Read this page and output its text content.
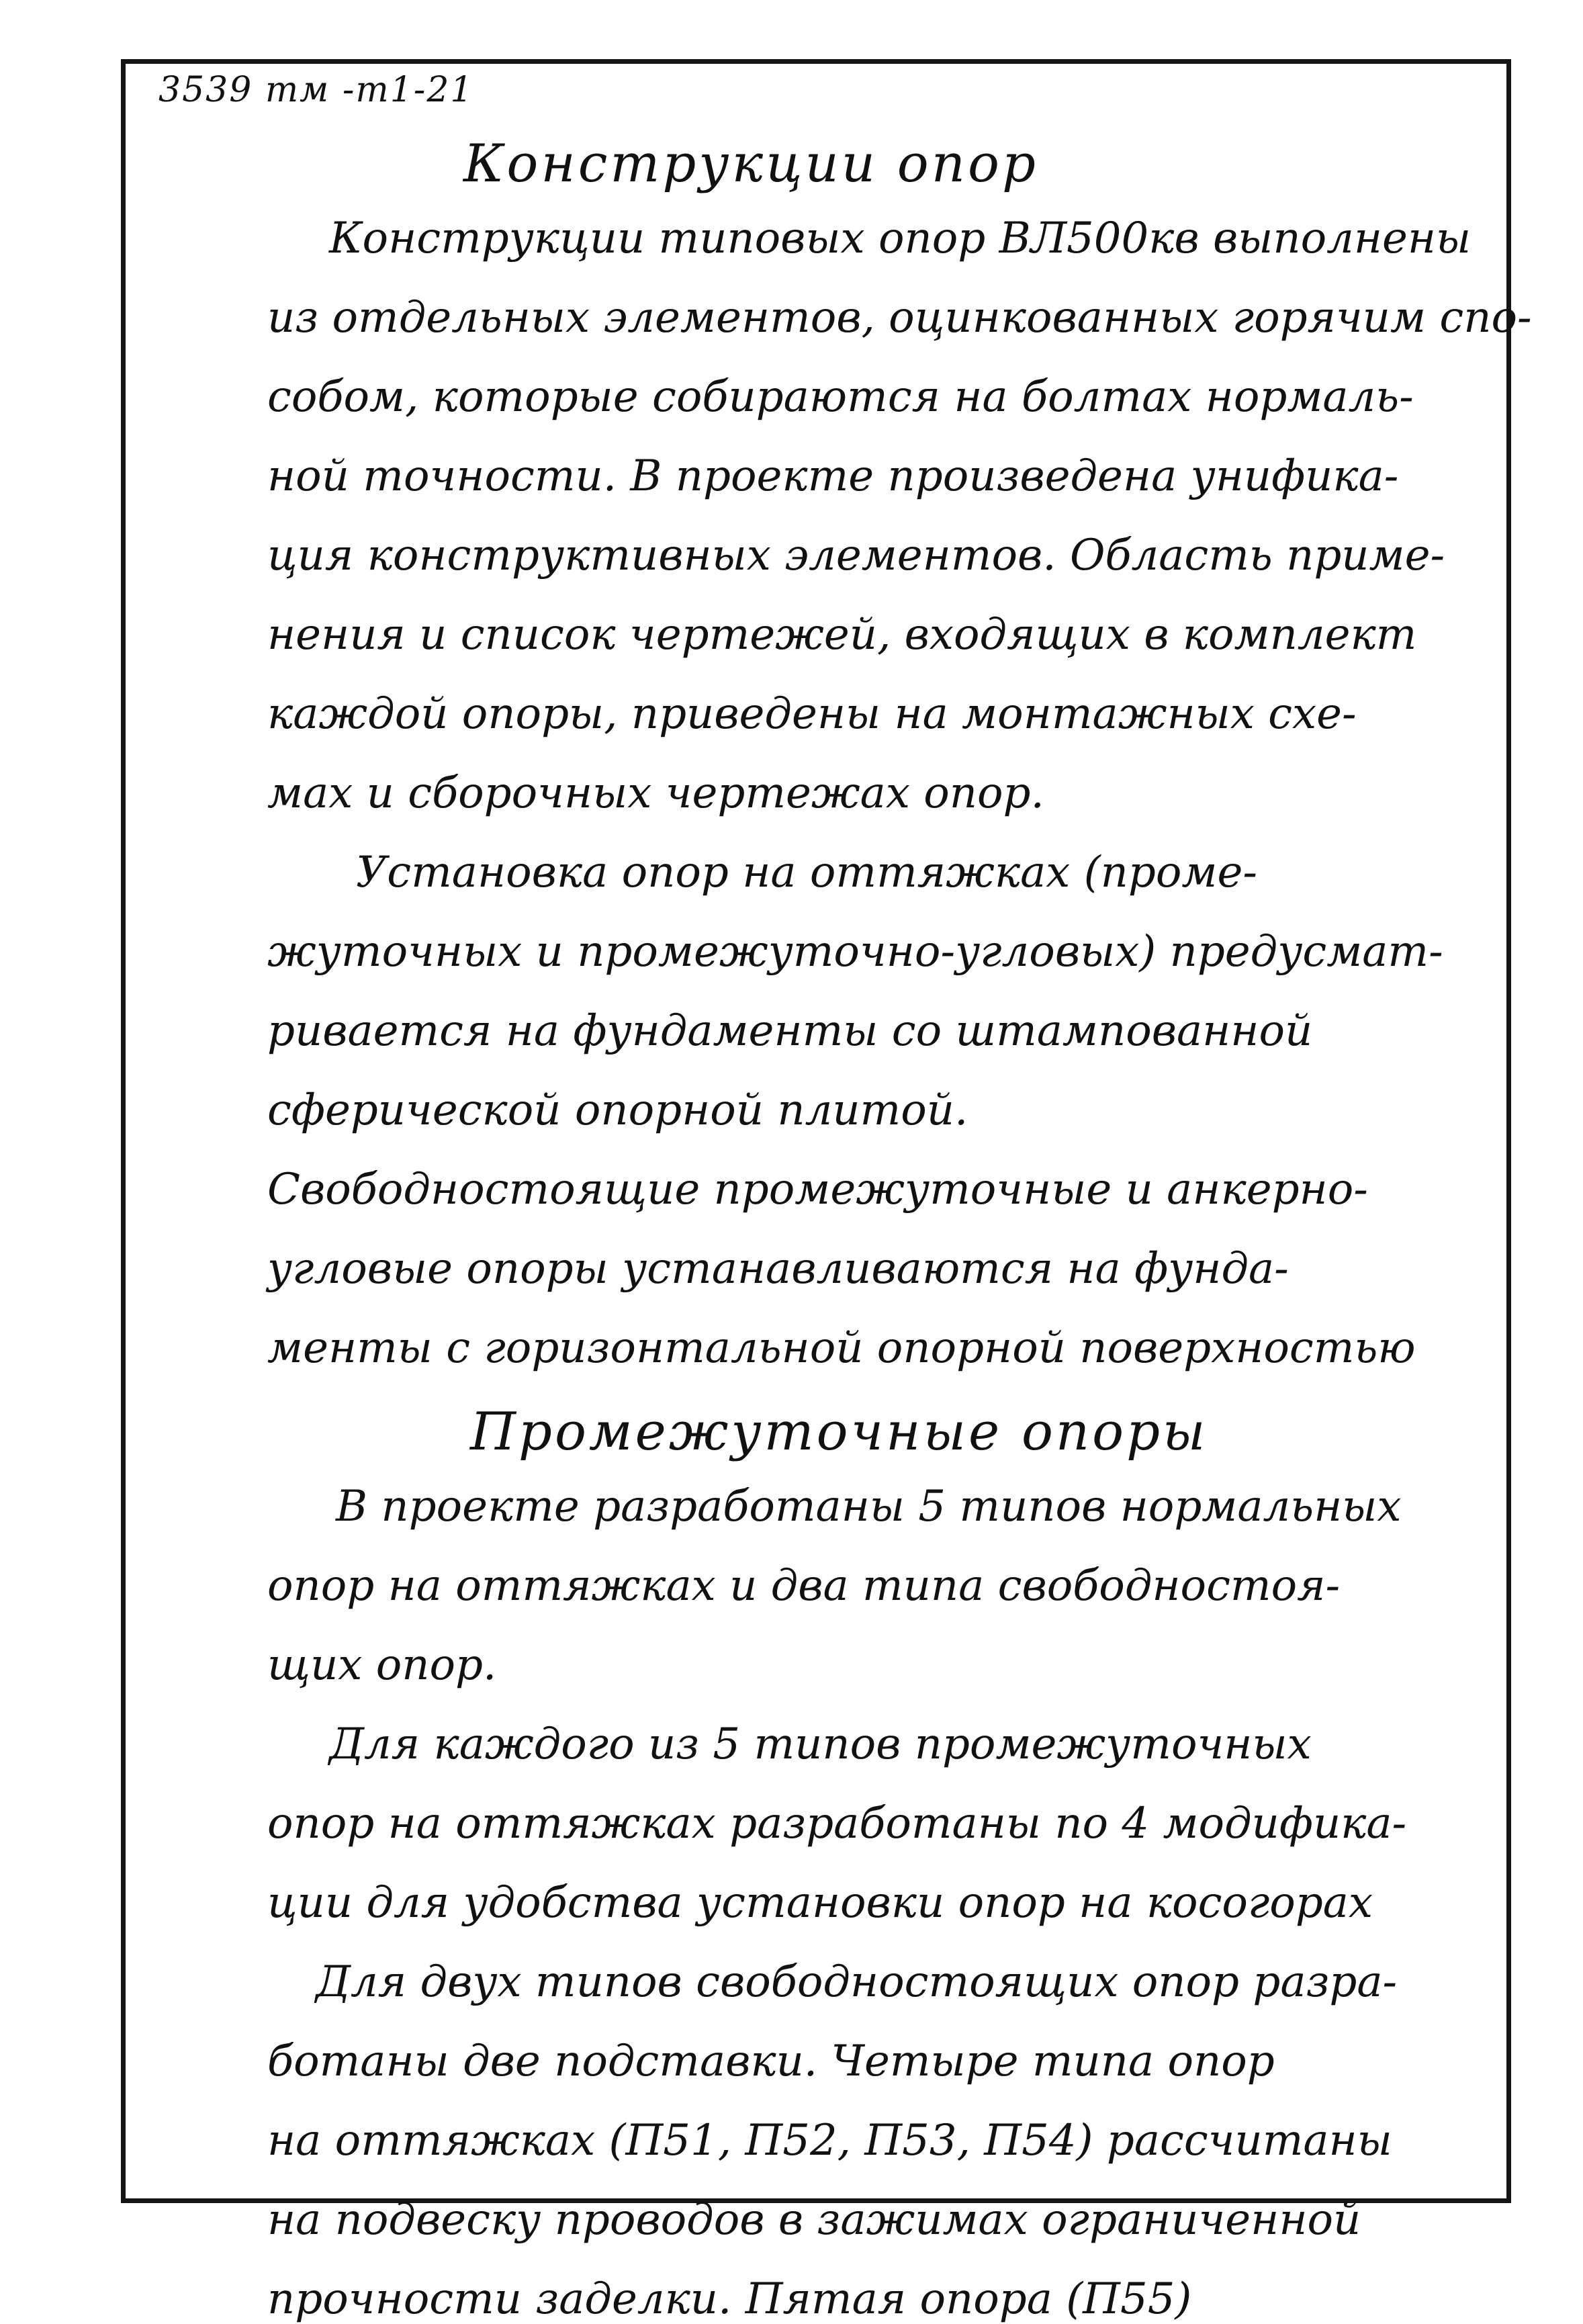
3539 тм -т1-21
Конструкции опор
Конструкции типовых опор ВЛ500кв выполнены
из отдельных элементов, оцинкованных горячим спо-
собом, которые собираются на болтах нормаль-
ной точности. В проекте произведена унифика-
ция конструктивных элементов. Область приме-
нения и список чертежей, входящих в комплект
каждой опоры, приведены на монтажных схе-
мах и сборочных чертежах опор.
Установка опор на оттяжках (проме-
жуточных и промежуточно-угловых) предусмат-
ривается на фундаменты со штампованной
сферической опорной плитой.
Свободностоящие промежуточные и анкерно-
угловые опоры устанавливаются на фунда-
менты с горизонтальной опорной поверхностью
Промежуточные опоры
В проекте разработаны 5 типов нормальных
опор на оттяжках и два типа свободностоя-
щих опор.
Для каждого из 5 типов промежуточных
опор на оттяжках разработаны по 4 модифика-
ции для удобства установки опор на косогорах
Для двух типов свободностоящих опор разра-
ботаны две подставки. Четыре типа опор
на оттяжках (П51, П52, П53, П54) рассчитаны
на подвеску проводов в зажимах ограниченной
прочности заделки. Пятая опора (П55)
